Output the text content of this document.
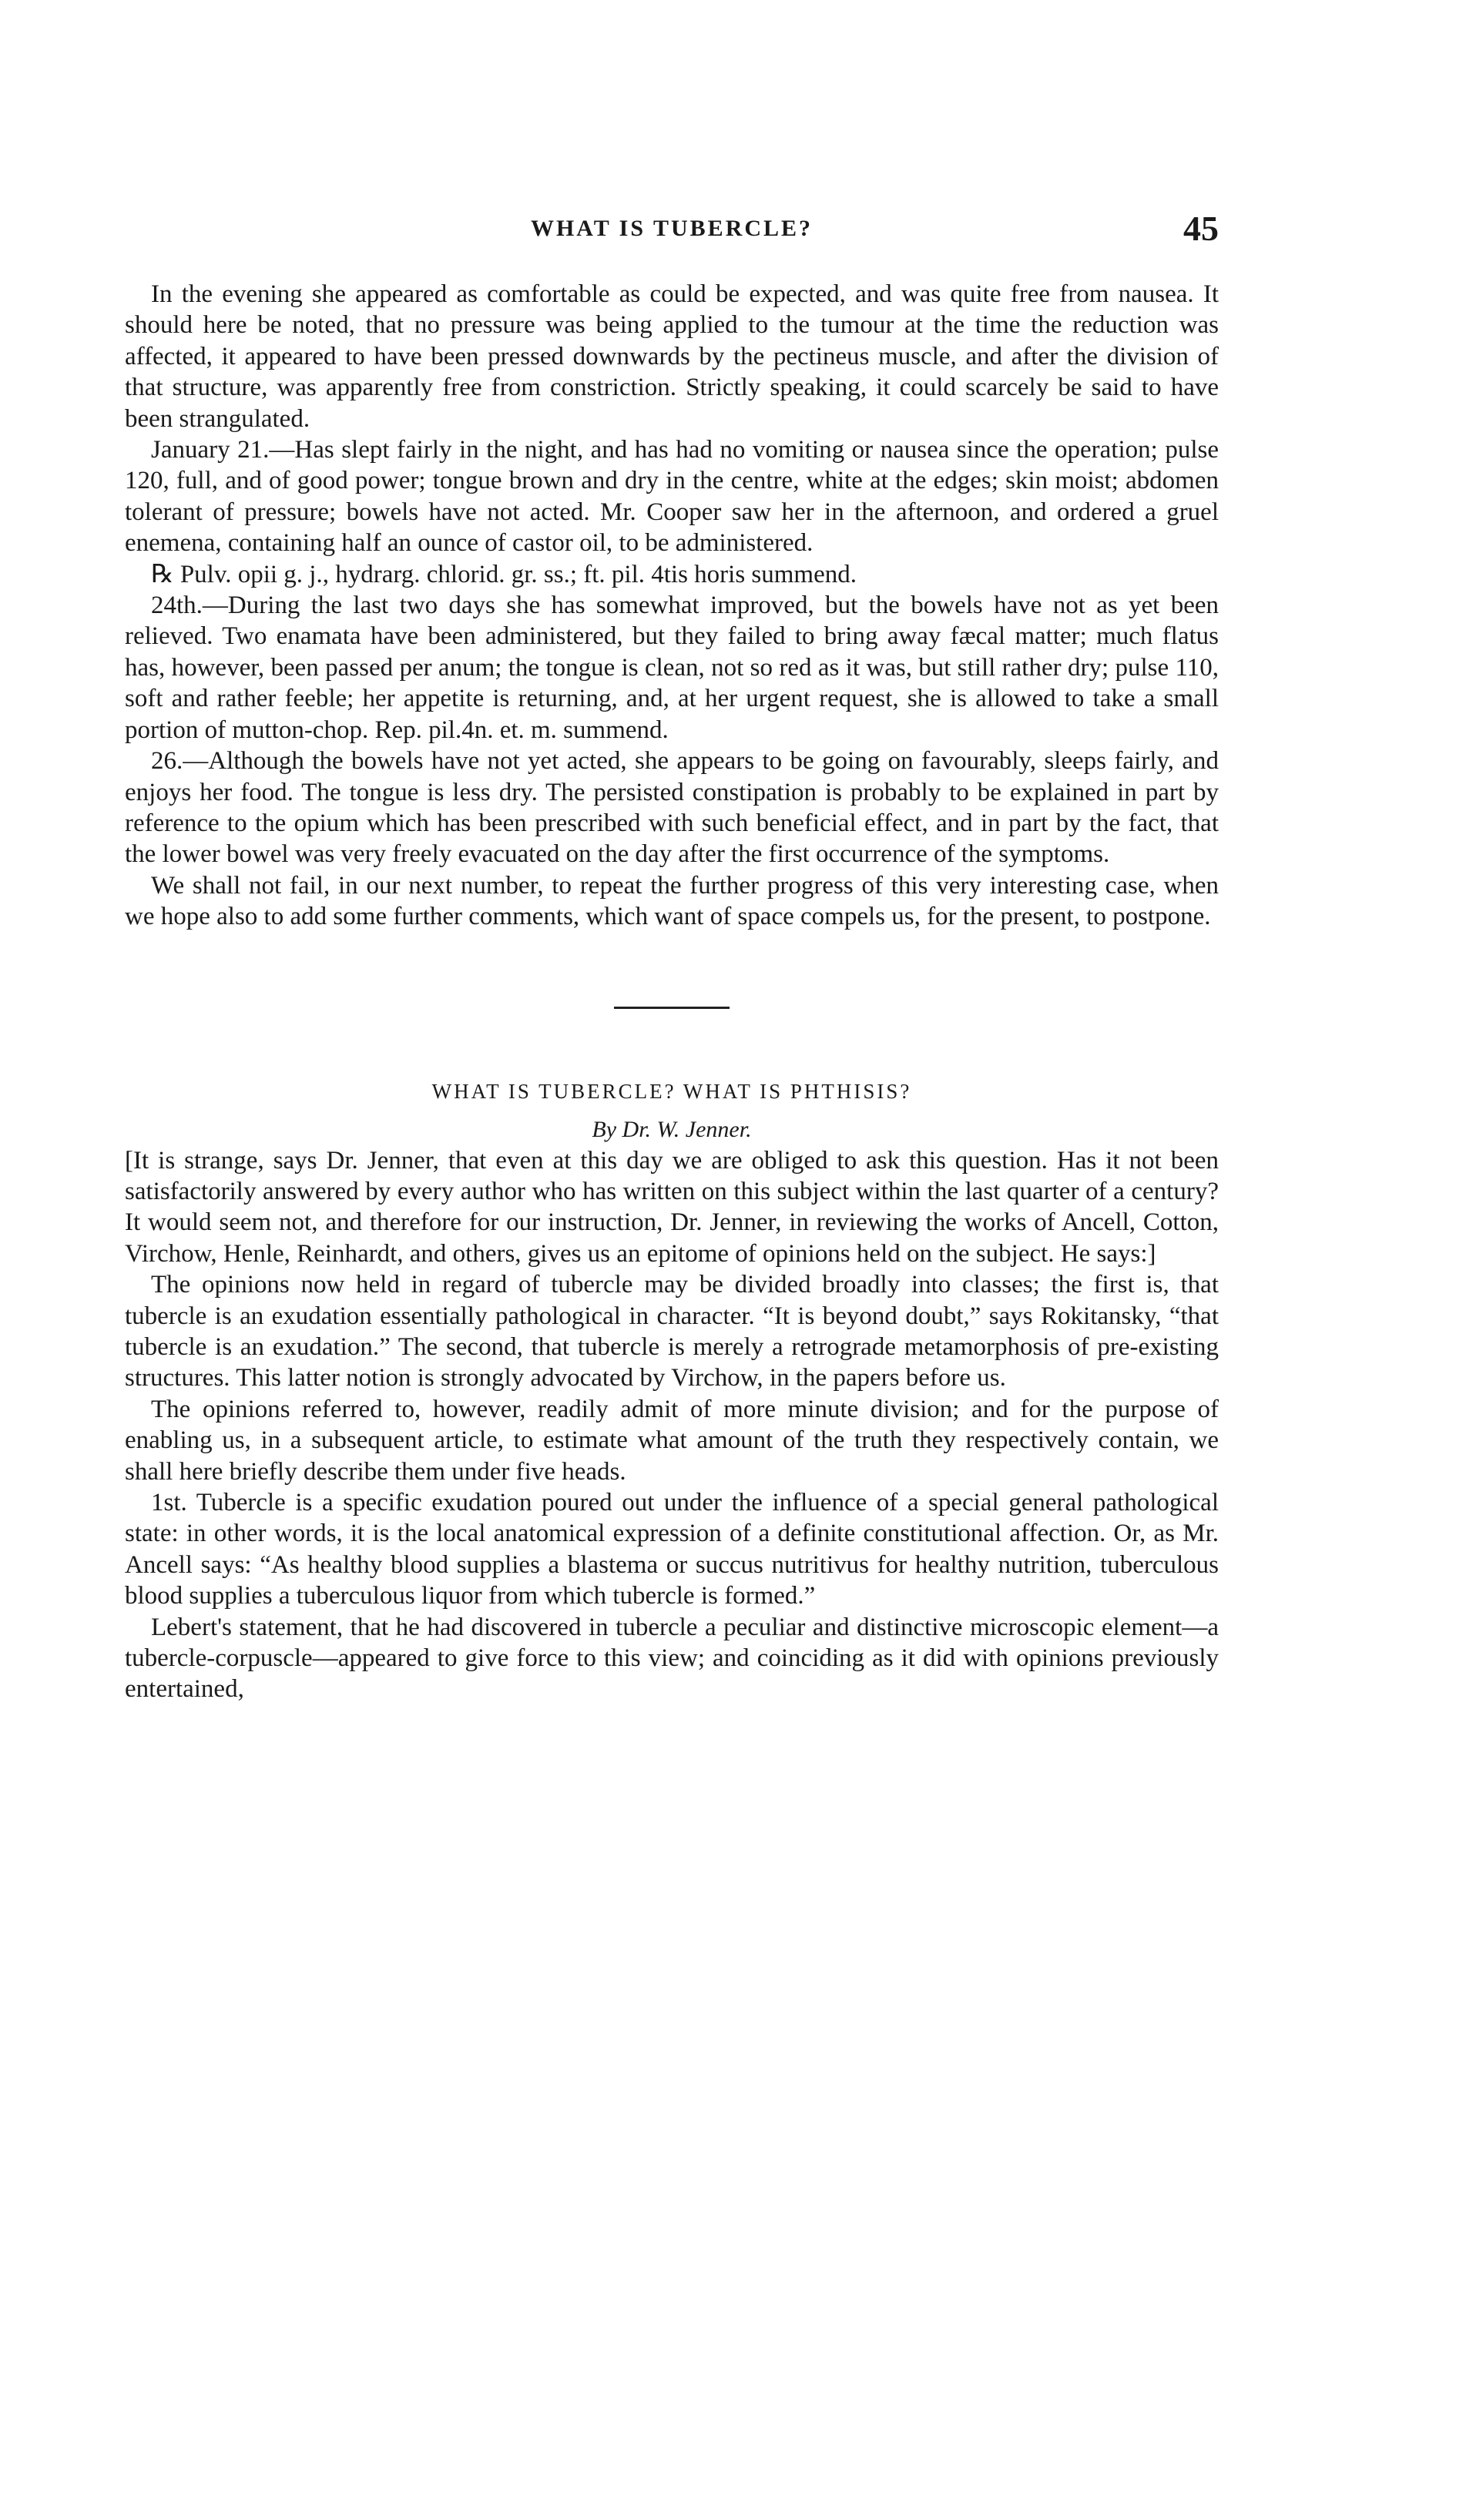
WHAT IS TUBERCLE?	45

In the evening she appeared as comfortable as could be expected, and was quite free from nausea. It should here be noted, that no pressure was being applied to the tumour at the time the reduction was affected, it appeared to have been pressed downwards by the pectineus muscle, and after the division of that structure, was apparently free from constriction. Strictly speaking, it could scarcely be said to have been strangulated.

January 21.—Has slept fairly in the night, and has had no vomiting or nausea since the operation; pulse 120, full, and of good power; tongue brown and dry in the centre, white at the edges; skin moist; abdomen tolerant of pressure; bowels have not acted. Mr. Cooper saw her in the afternoon, and ordered a gruel enemena, containing half an ounce of castor oil, to be administered.

℞ Pulv. opii g. j., hydrarg. chlorid. gr. ss.; ft. pil. 4tis horis summend.

24th.—During the last two days she has somewhat improved, but the bowels have not as yet been relieved. Two enamata have been administered, but they failed to bring away fæcal matter; much flatus has, however, been passed per anum; the tongue is clean, not so red as it was, but still rather dry; pulse 110, soft and rather feeble; her appetite is returning, and, at her urgent request, she is allowed to take a small portion of mutton-chop. Rep. pil.4n. et. m. summend.

26.—Although the bowels have not yet acted, she appears to be going on favourably, sleeps fairly, and enjoys her food. The tongue is less dry. The persisted constipation is probably to be explained in part by reference to the opium which has been prescribed with such beneficial effect, and in part by the fact, that the lower bowel was very freely evacuated on the day after the first occurrence of the symptoms.

We shall not fail, in our next number, to repeat the further progress of this very interesting case, when we hope also to add some further comments, which want of space compels us, for the present, to postpone.

WHAT IS TUBERCLE? WHAT IS PHTHISIS?
By Dr. W. Jenner.

[It is strange, says Dr. Jenner, that even at this day we are obliged to ask this question. Has it not been satisfactorily answered by every author who has written on this subject within the last quarter of a century? It would seem not, and therefore for our instruction, Dr. Jenner, in reviewing the works of Ancell, Cotton, Virchow, Henle, Reinhardt, and others, gives us an epitome of opinions held on the subject. He says:]

The opinions now held in regard of tubercle may be divided broadly into classes; the first is, that tubercle is an exudation essentially pathological in character. “It is beyond doubt,” says Rokitansky, “that tubercle is an exudation.” The second, that tubercle is merely a retrograde metamorphosis of pre-existing structures. This latter notion is strongly advocated by Virchow, in the papers before us.

The opinions referred to, however, readily admit of more minute division; and for the purpose of enabling us, in a subsequent article, to estimate what amount of the truth they respectively contain, we shall here briefly describe them under five heads.

1st. Tubercle is a specific exudation poured out under the influence of a special general pathological state: in other words, it is the local anatomical expression of a definite constitutional affection. Or, as Mr. Ancell says: “As healthy blood supplies a blastema or succus nutritivus for healthy nutrition, tuberculous blood supplies a tuberculous liquor from which tubercle is formed.”

Lebert's statement, that he had discovered in tubercle a peculiar and distinctive microscopic element—a tubercle-corpuscle—appeared to give force to this view; and coinciding as it did with opinions previously entertained,
